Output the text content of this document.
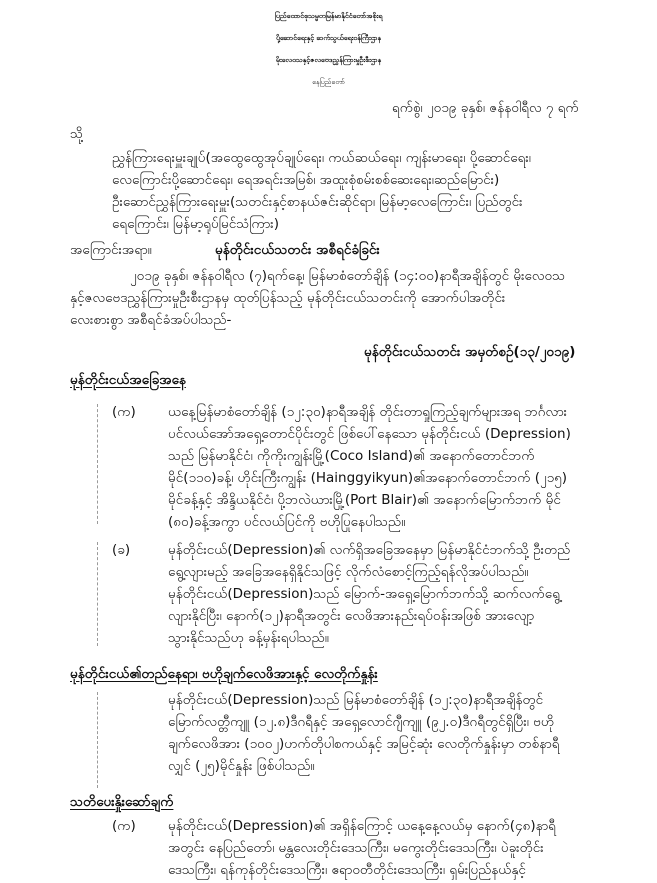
ပြည်ထောင်စုသမ္မတမြန်မာနိုင်ငံတော်အစိုးရ

ပို့ဆောင်ရေးနှင့် ဆက်သွယ်ရေးဝန်ကြီးဌာန

မိုးလေဝသနှင့်ဇလဗေဒညွှန်ကြားမှုဦးစီးဌာန

နေပြည်တော်

ရက်စွဲ၊ ၂၀၁၉ ခုနှစ်၊ ဇန်နဝါရီလ ၇ ရက်

သို့

ညွှန်ကြားရေးမှူးချုပ်(အထွေထွေအုပ်ချုပ်ရေး၊ ကယ်ဆယ်ရေး၊ ကျန်းမာရေး၊ ပို့ဆောင်ရေး၊

လေကြောင်းပို့ဆောင်ရေး၊ ရေအရင်းအမြစ်၊ အထူးစုံစမ်းစစ်ဆေးရေး၊ဆည်မြောင်း)

ဦးဆောင်ညွှန်ကြားရေးမှူး(သတင်းနှင့်စာနယ်ဇင်းဆိုင်ရာ၊ မြန်မာ့လေကြောင်း၊ ပြည်တွင်း

ရေကြောင်း၊ မြန်မာ့ရုပ်မြင်သံကြား)

အကြောင်းအရာ။	မုန်တိုင်းငယ်သတင်း အစီရင်ခံခြင်း

၂၀၁၉ ခုနှစ်၊ ဇန်နဝါရီလ (၇)ရက်နေ့၊ မြန်မာစံတော်ချိန် (၁၄:၀၀)နာရီအချိန်တွင် မိုးလေဝသ

နှင့်ဇလဗေဒညွှန်ကြားမှုဦးစီးဌာနမှ ထုတ်ပြန်သည့် မုန်တိုင်းငယ်သတင်းကို အောက်ပါအတိုင်း

လေးစားစွာ အစီရင်ခံအပ်ပါသည်-

မုန်တိုင်းငယ်သတင်း အမှတ်စဉ်(၁၃/၂၀၁၉)

မုန်တိုင်းငယ်အခြေအနေ

(က) ယနေ့မြန်မာစံတော်ချိန် (၁၂:၃၀)နာရီအချိန် တိုင်းတာရှုကြည့်ချက်များအရ ဘင်္ဂလား

ပင်လယ်အော်အရှေ့တောင်ပိုင်းတွင် ဖြစ်ပေါ်နေသော မုန်တိုင်းငယ် (Depression)

သည် မြန်မာနိုင်ငံ၊ ကိုကိုးကျွန်းမြို့(Coco Island)၏ အနောက်တောင်ဘက်

မိုင်(၁၁၀)ခန့်၊ ဟိုင်းကြီးကျွန်း (Hainggyikyun)၏အနောက်တောင်ဘက် (၂၁၅)

မိုင်ခန့်နှင့် အိန္ဒိယနိုင်ငံ၊ ပို့ဘလဲယားမြို့(Port Blair)၏ အနောက်မြောက်ဘက် မိုင်

(၈၀)ခန့်အကွာ ပင်လယ်ပြင်ကို ဗဟိုပြုနေပါသည်။

(ခ)	မုန်တိုင်းငယ်(Depression)၏ လက်ရှိအခြေအနေမှာ မြန်မာနိုင်ငံဘက်သို့ ဦးတည်

ရွေ့လျားမည့် အခြေအနေရှိနိုင်သဖြင့် လိုက်လံစောင့်ကြည့်ရန်လိုအပ်ပါသည်။

မုန်တိုင်းငယ်(Depression)သည် မြောက်-အရှေ့မြောက်ဘက်သို့ ဆက်လက်ရွေ့

လျားနိုင်ပြီး၊ နောက်(၁၂)နာရီအတွင်း လေဖိအားနည်းရပ်ဝန်းအဖြစ် အားလျော့

သွားနိုင်သည်ဟု ခန့်မှန်းရပါသည်။

မုန်တိုင်းငယ်၏တည်နေရာ၊ ဗဟိုချက်လေဖိအားနှင့် လေတိုက်နှုန်း

မုန်တိုင်းငယ်(Depression)သည် မြန်မာစံတော်ချိန် (၁၂:၃၀)နာရီအချိန်တွင်

မြောက်လတ္တီကျူ (၁၂.၈)ဒီဂရီနှင့် အရှေ့လောင်ဂျီကျူ (၉၂.၀)ဒီဂရီတွင်ရှိပြီး၊ ဗဟို

ချက်လေဖိအား (၁၀၀၂)ဟက်တိုပါစကယ်နှင့် အမြင့်ဆုံး လေတိုက်နှုန်းမှာ တစ်နာရီ

လျှင် (၂၅)မိုင်နှုန်း ဖြစ်ပါသည်။

သတိပေးနှိုးဆော်ချက်

(က) မုန်တိုင်းငယ်(Depression)၏ အရှိန်ကြောင့် ယနေ့နေ့လယ်မှ နောက်(၄၈)နာရီ

အတွင်း နေပြည်တော်၊ မန္တလေးတိုင်းဒေသကြီး၊ မကွေးတိုင်းဒေသကြီး၊ ပဲခူးတိုင်း

ဒေသကြီး၊ ရန်ကုန်တိုင်းဒေသကြီး၊ ဧရာဝတီတိုင်းဒေသကြီး၊ ရှမ်းပြည်နယ်နှင့်
